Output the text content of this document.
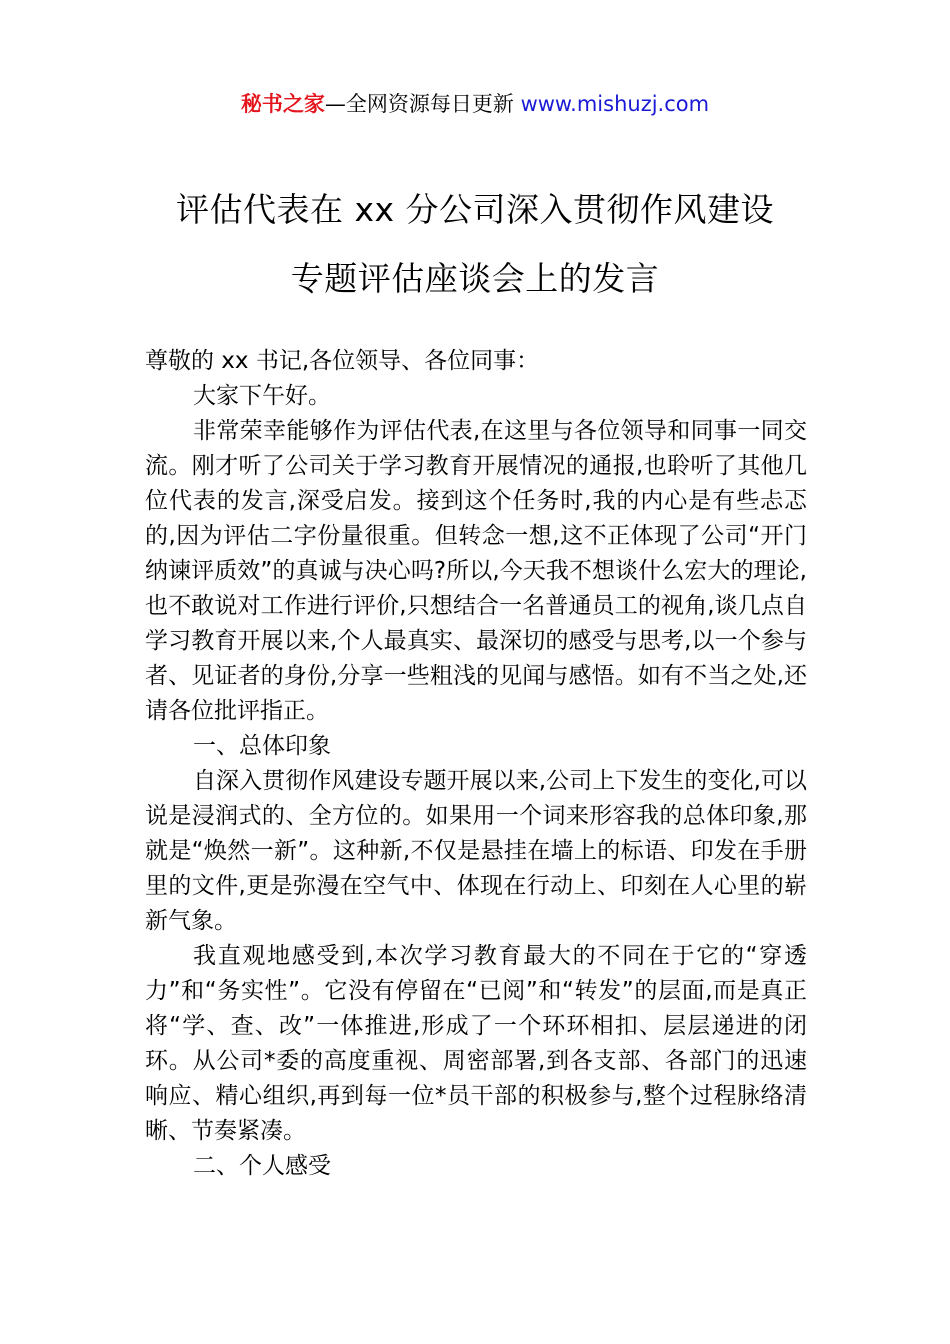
秘书之家—全网资源每日更新 www.mishuzj.com
评估代表在 xx 分公司深入贯彻作风建设
专题评估座谈会上的发言

尊敬的 xx 书记,各位领导、各位同事：

大家下午好。

非常荣幸能够作为评估代表,在这里与各位领导和同事一同交流。刚才听了公司关于学习教育开展情况的通报,也聆听了其他几位代表的发言,深受启发。接到这个任务时,我的内心是有些忐忑的,因为评估二字份量很重。但转念一想,这不正体现了公司“开门纳谏评质效”的真诚与决心吗?所以,今天我不想谈什么宏大的理论,也不敢说对工作进行评价,只想结合一名普通员工的视角,谈几点自学习教育开展以来,个人最真实、最深切的感受与思考,以一个参与者、见证者的身份,分享一些粗浅的见闻与感悟。如有不当之处,还请各位批评指正。

一、总体印象

自深入贯彻作风建设专题开展以来,公司上下发生的变化,可以说是浸润式的、全方位的。如果用一个词来形容我的总体印象,那就是“焕然一新”。这种新,不仅是悬挂在墙上的标语、印发在手册里的文件,更是弥漫在空气中、体现在行动上、印刻在人心里的崭新气象。

我直观地感受到,本次学习教育最大的不同在于它的“穿透力”和“务实性”。它没有停留在“已阅”和“转发”的层面,而是真正将“学、查、改”一体推进,形成了一个环环相扣、层层递进的闭环。从公司*委的高度重视、周密部署,到各支部、各部门的迅速响应、精心组织,再到每一位*员干部的积极参与,整个过程脉络清晰、节奏紧凑。

二、个人感受
